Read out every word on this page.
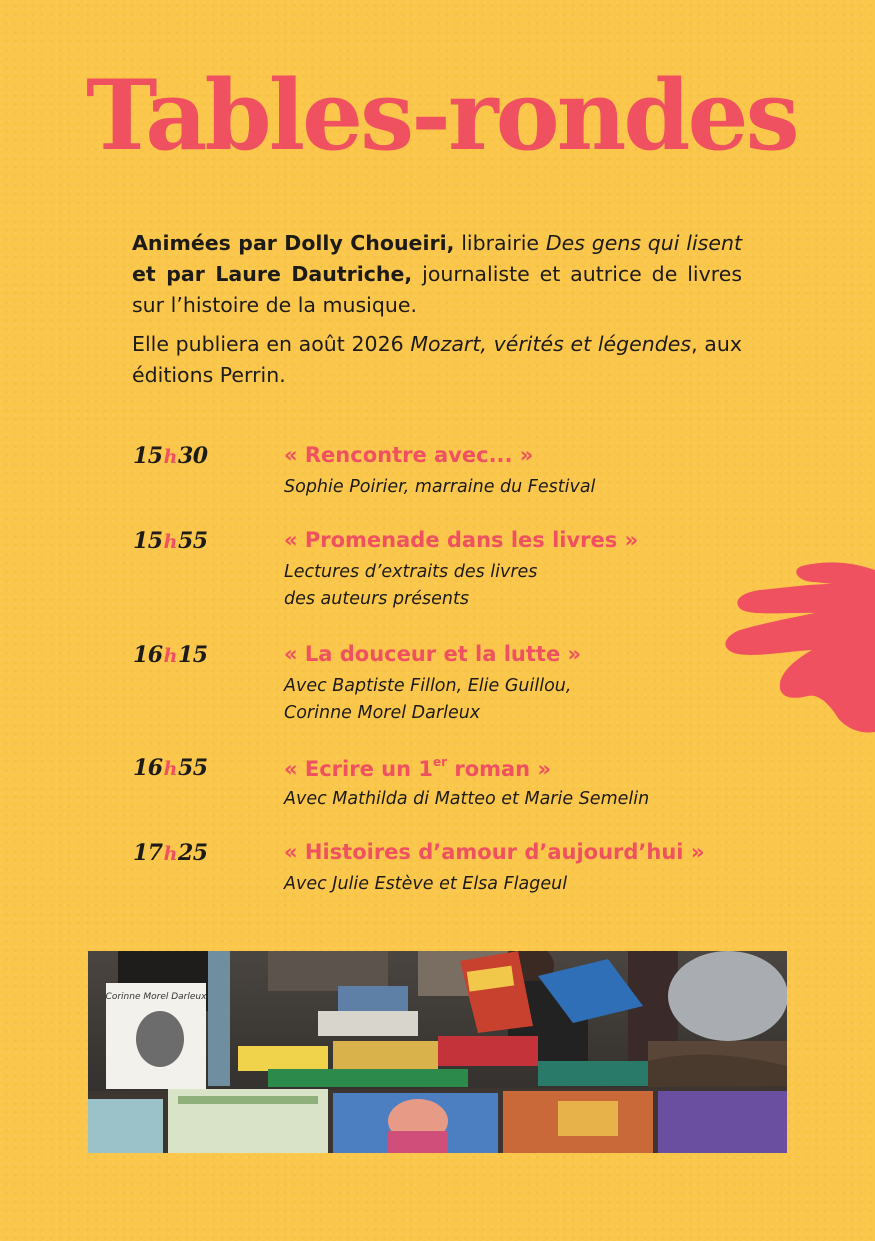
Tables-rondes

Animées par Dolly Choueiri, librairie Des gens qui lisent et par Laure Dautriche, journaliste et autrice de livres sur l’histoire de la musique.

Elle publiera en août 2026 Mozart, vérités et légendes, aux éditions Perrin.

15h30	« Rencontre avec... »
Sophie Poirier, marraine du Festival
15h55	« Promenade dans les livres »
Lectures d’extraits des livres
des auteurs présents
16h15	« La douceur et la lutte »
Avec Baptiste Fillon, Elie Guillou,
Corinne Morel Darleux
16h55	« Ecrire un 1er roman »
Avec Mathilda di Matteo et Marie Semelin
17h25	« Histoires d’amour d’aujourd’hui »
Avec Julie Estève et Elsa Flageul
Corinne Morel Darleux
